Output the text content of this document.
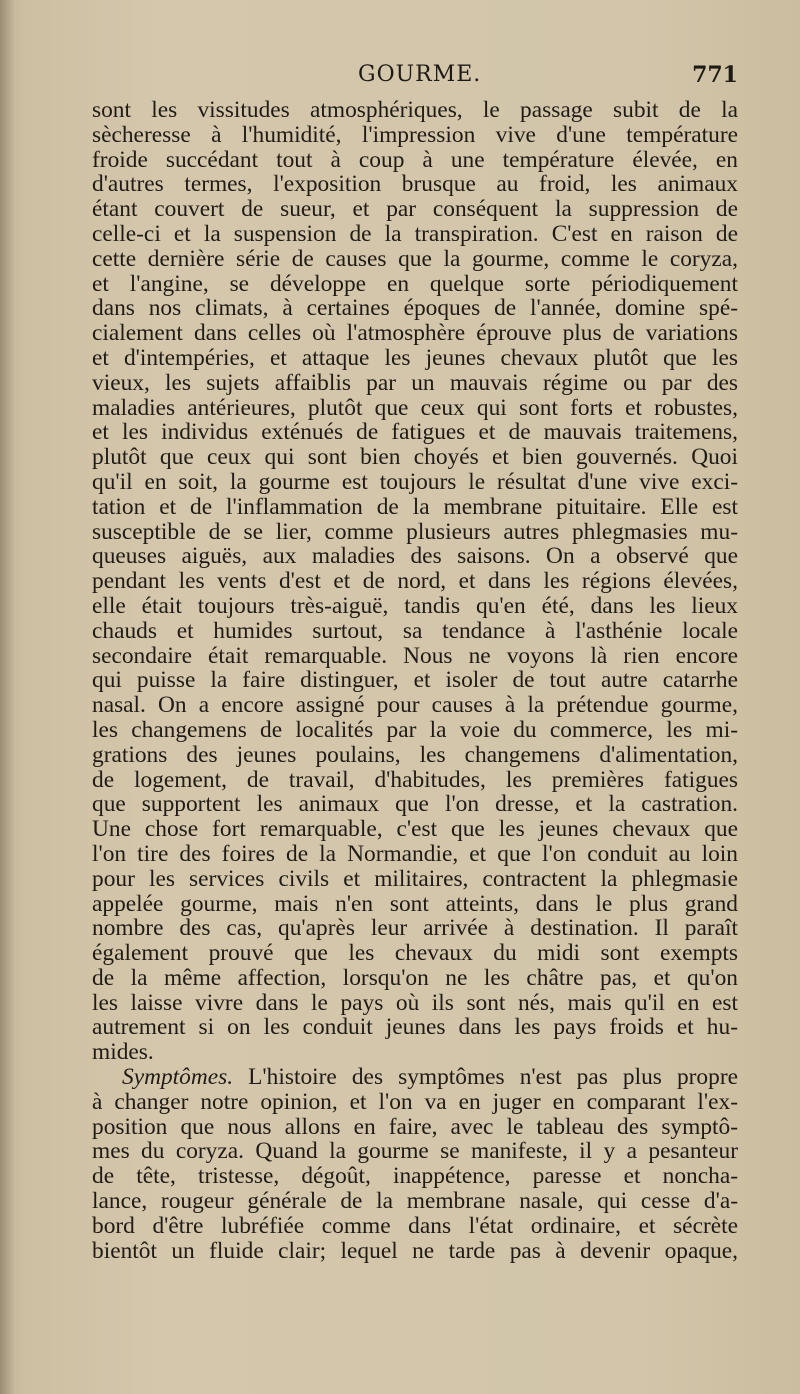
GOURME.	771
sont les vissitudes atmosphériques, le passage subit de la
sècheresse à l'humidité, l'impression vive d'une température
froide succédant tout à coup à une température élevée, en
d'autres termes, l'exposition brusque au froid, les animaux
étant couvert de sueur, et par conséquent la suppression de
celle-ci et la suspension de la transpiration. C'est en raison de
cette dernière série de causes que la gourme, comme le coryza,
et l'angine, se développe en quelque sorte périodiquement
dans nos climats, à certaines époques de l'année, domine spé-
cialement dans celles où l'atmosphère éprouve plus de variations
et d'intempéries, et attaque les jeunes chevaux plutôt que les
vieux, les sujets affaiblis par un mauvais régime ou par des
maladies antérieures, plutôt que ceux qui sont forts et robustes,
et les individus exténués de fatigues et de mauvais traitemens,
plutôt que ceux qui sont bien choyés et bien gouvernés. Quoi
qu'il en soit, la gourme est toujours le résultat d'une vive exci-
tation et de l'inflammation de la membrane pituitaire. Elle est
susceptible de se lier, comme plusieurs autres phlegmasies mu-
queuses aiguës, aux maladies des saisons. On a observé que
pendant les vents d'est et de nord, et dans les régions élevées,
elle était toujours très-aiguë, tandis qu'en été, dans les lieux
chauds et humides surtout, sa tendance à l'asthénie locale
secondaire était remarquable. Nous ne voyons là rien encore
qui puisse la faire distinguer, et isoler de tout autre catarrhe
nasal. On a encore assigné pour causes à la prétendue gourme,
les changemens de localités par la voie du commerce, les mi-
grations des jeunes poulains, les changemens d'alimentation,
de logement, de travail, d'habitudes, les premières fatigues
que supportent les animaux que l'on dresse, et la castration.
Une chose fort remarquable, c'est que les jeunes chevaux que
l'on tire des foires de la Normandie, et que l'on conduit au loin
pour les services civils et militaires, contractent la phlegmasie
appelée gourme, mais n'en sont atteints, dans le plus grand
nombre des cas, qu'après leur arrivée à destination. Il paraît
également prouvé que les chevaux du midi sont exempts
de la même affection, lorsqu'on ne les châtre pas, et qu'on
les laisse vivre dans le pays où ils sont nés, mais qu'il en est
autrement si on les conduit jeunes dans les pays froids et hu-
mides.
Symptômes. L'histoire des symptômes n'est pas plus propre
à changer notre opinion, et l'on va en juger en comparant l'ex-
position que nous allons en faire, avec le tableau des symptô-
mes du coryza. Quand la gourme se manifeste, il y a pesanteur
de tête, tristesse, dégoût, inappétence, paresse et noncha-
lance, rougeur générale de la membrane nasale, qui cesse d'a-
bord d'être lubréfiée comme dans l'état ordinaire, et sécrète
bientôt un fluide clair; lequel ne tarde pas à devenir opaque,
